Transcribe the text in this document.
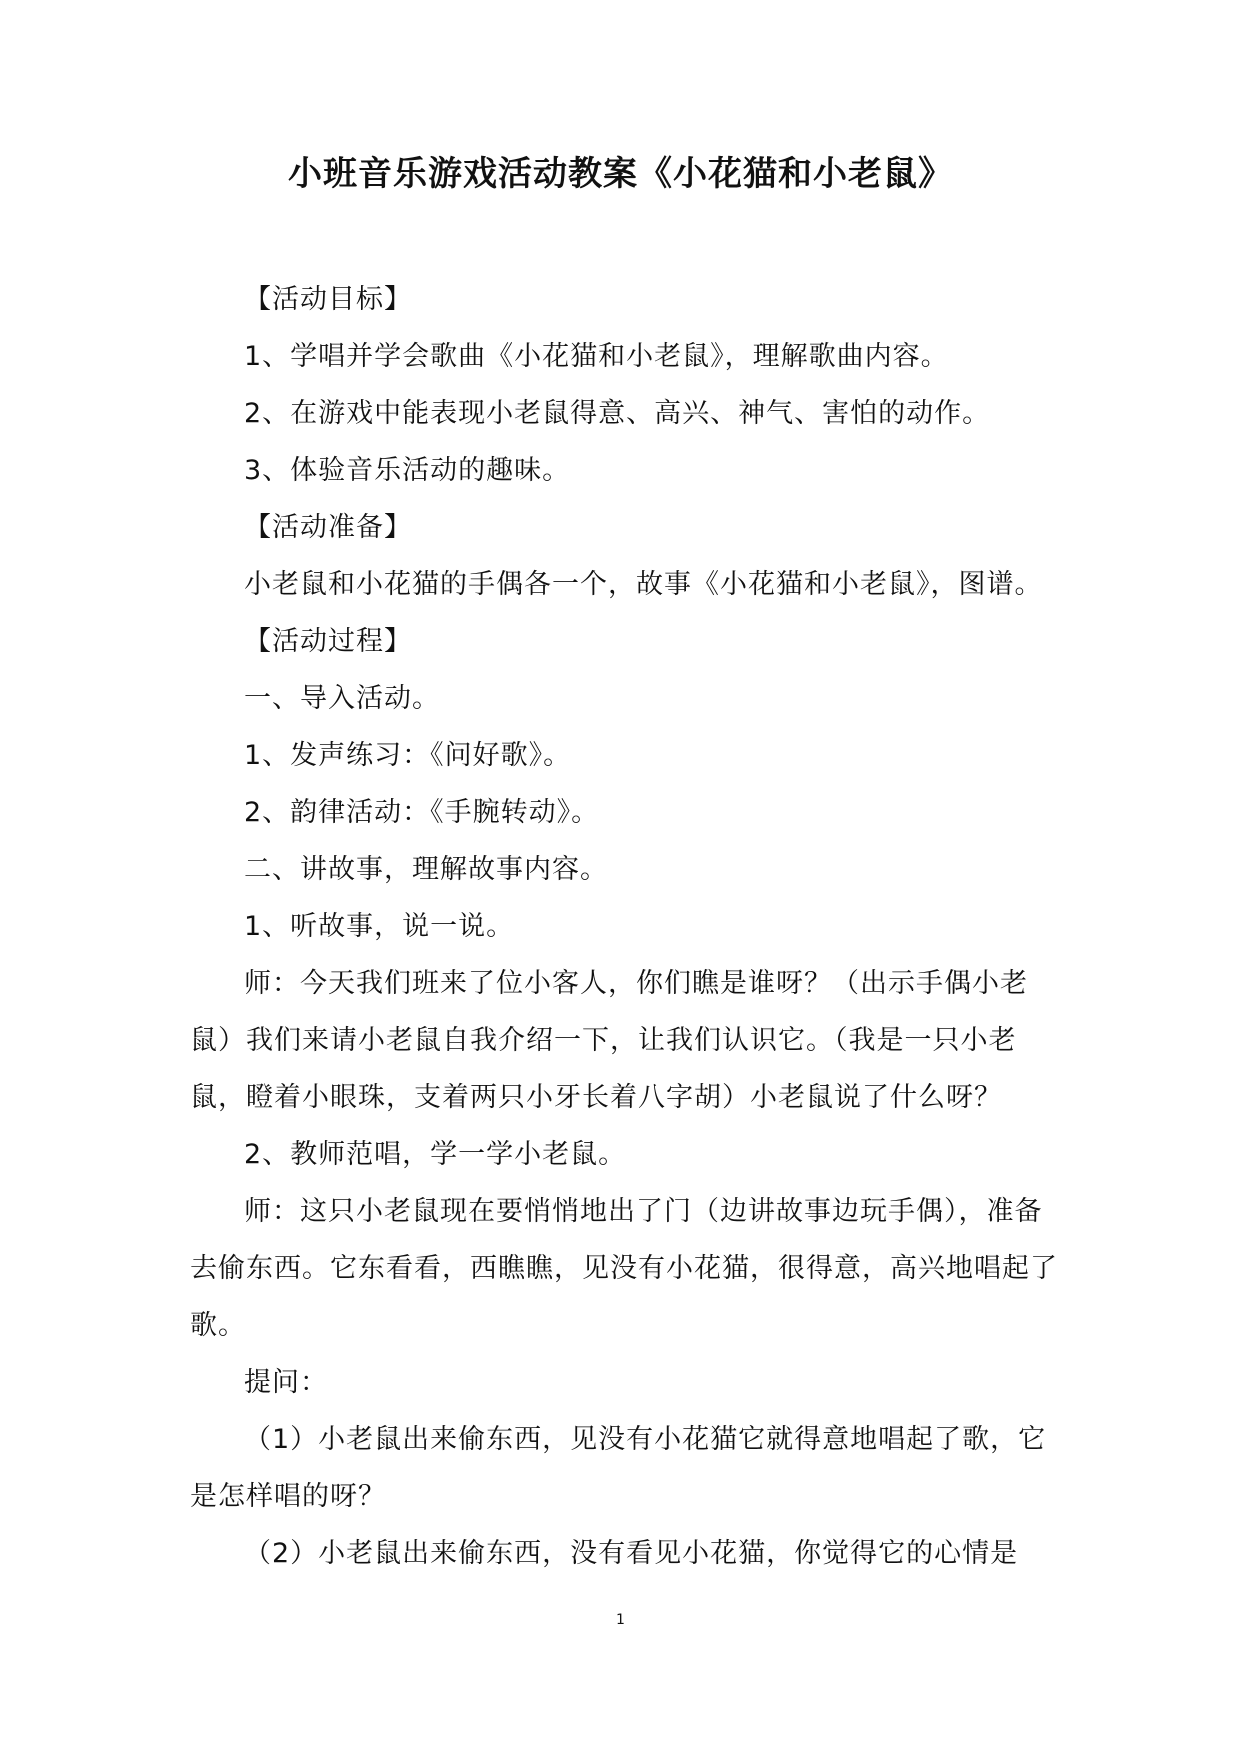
小班音乐游戏活动教案《小花猫和小老鼠》

【活动目标】

1、学唱并学会歌曲《小花猫和小老鼠》，理解歌曲内容。

2、在游戏中能表现小老鼠得意、高兴、神气、害怕的动作。

3、体验音乐活动的趣味。

【活动准备】

小老鼠和小花猫的手偶各一个，故事《小花猫和小老鼠》，图谱。

【活动过程】

一、导入活动。

1、发声练习：《问好歌》。

2、韵律活动：《手腕转动》。

二、讲故事，理解故事内容。

1、听故事，说一说。

师：今天我们班来了位小客人，你们瞧是谁呀？（出示手偶小老鼠）我们来请小老鼠自我介绍一下，让我们认识它。（我是一只小老鼠，瞪着小眼珠，支着两只小牙长着八字胡）小老鼠说了什么呀？

2、教师范唱，学一学小老鼠。

师：这只小老鼠现在要悄悄地出了门（边讲故事边玩手偶），准备去偷东西。它东看看，西瞧瞧，见没有小花猫，很得意，高兴地唱起了歌。

提问：

（1）小老鼠出来偷东西，见没有小花猫它就得意地唱起了歌，它是怎样唱的呀？

（2）小老鼠出来偷东西，没有看见小花猫，你觉得它的心情是

1
